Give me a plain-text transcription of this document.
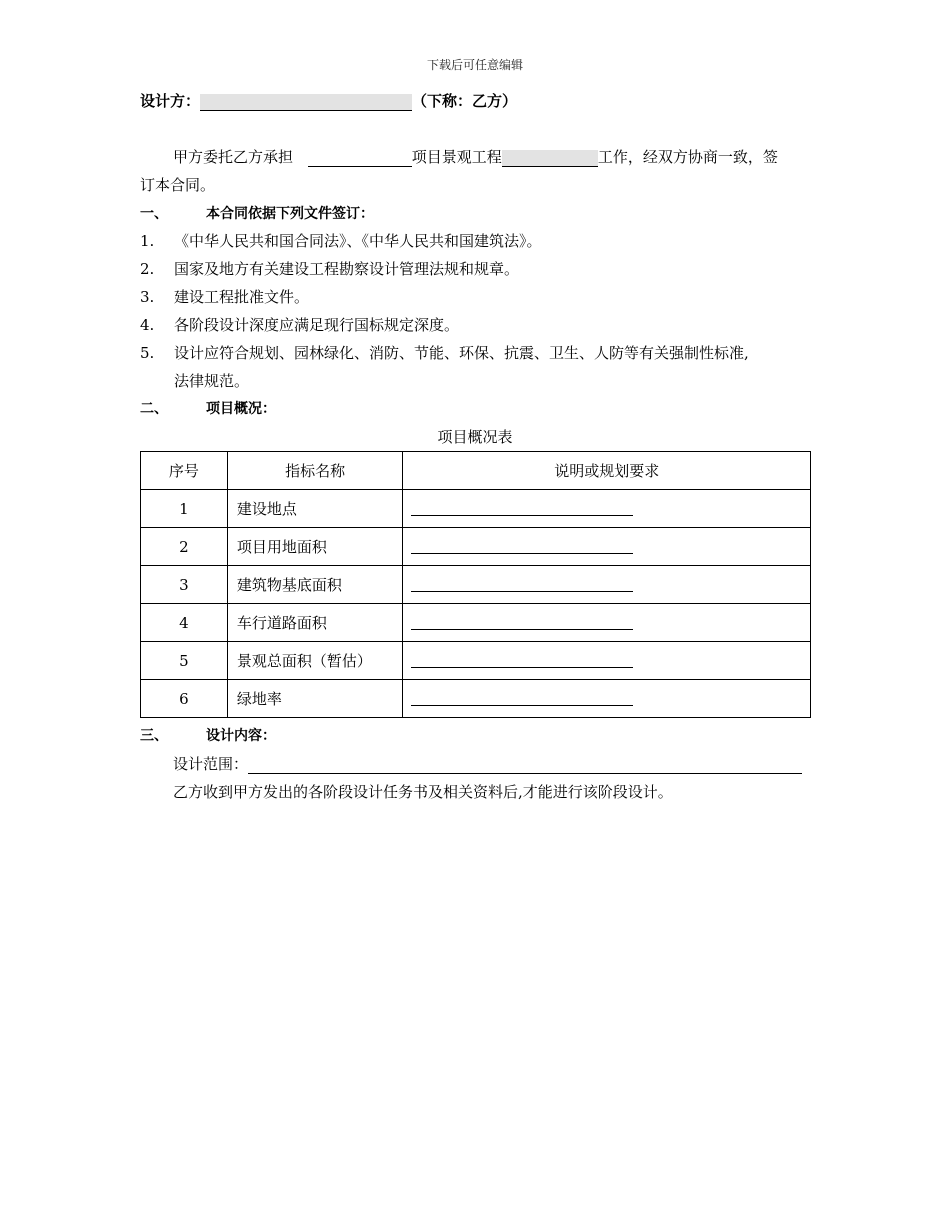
下载后可任意编辑
设计方：	（下称：乙方）
甲方委托乙方承担	项目景观工程	工作，经双方协商一致，签
订本合同。
一、	本合同依据下列文件签订：
1. 《中华人民共和国合同法》、《中华人民共和国建筑法》。
2. 国家及地方有关建设工程勘察设计管理法规和规章。
3. 建设工程批准文件。
4. 各阶段设计深度应满足现行国标规定深度。
5. 设计应符合规划、园林绿化、消防、节能、环保、抗震、卫生、人防等有关强制性标准,
法律规范。
二、	项目概况：
项目概况表
序号	指标名称	说明或规划要求
1	建设地点	

2	项目用地面积	

3	建筑物基底面积	

4	车行道路面积	

5	景观总面积（暂估）	

6	绿地率	
三、	设计内容：
设计范围：
乙方收到甲方发出的各阶段设计任务书及相关资料后,才能进行该阶段设计。
